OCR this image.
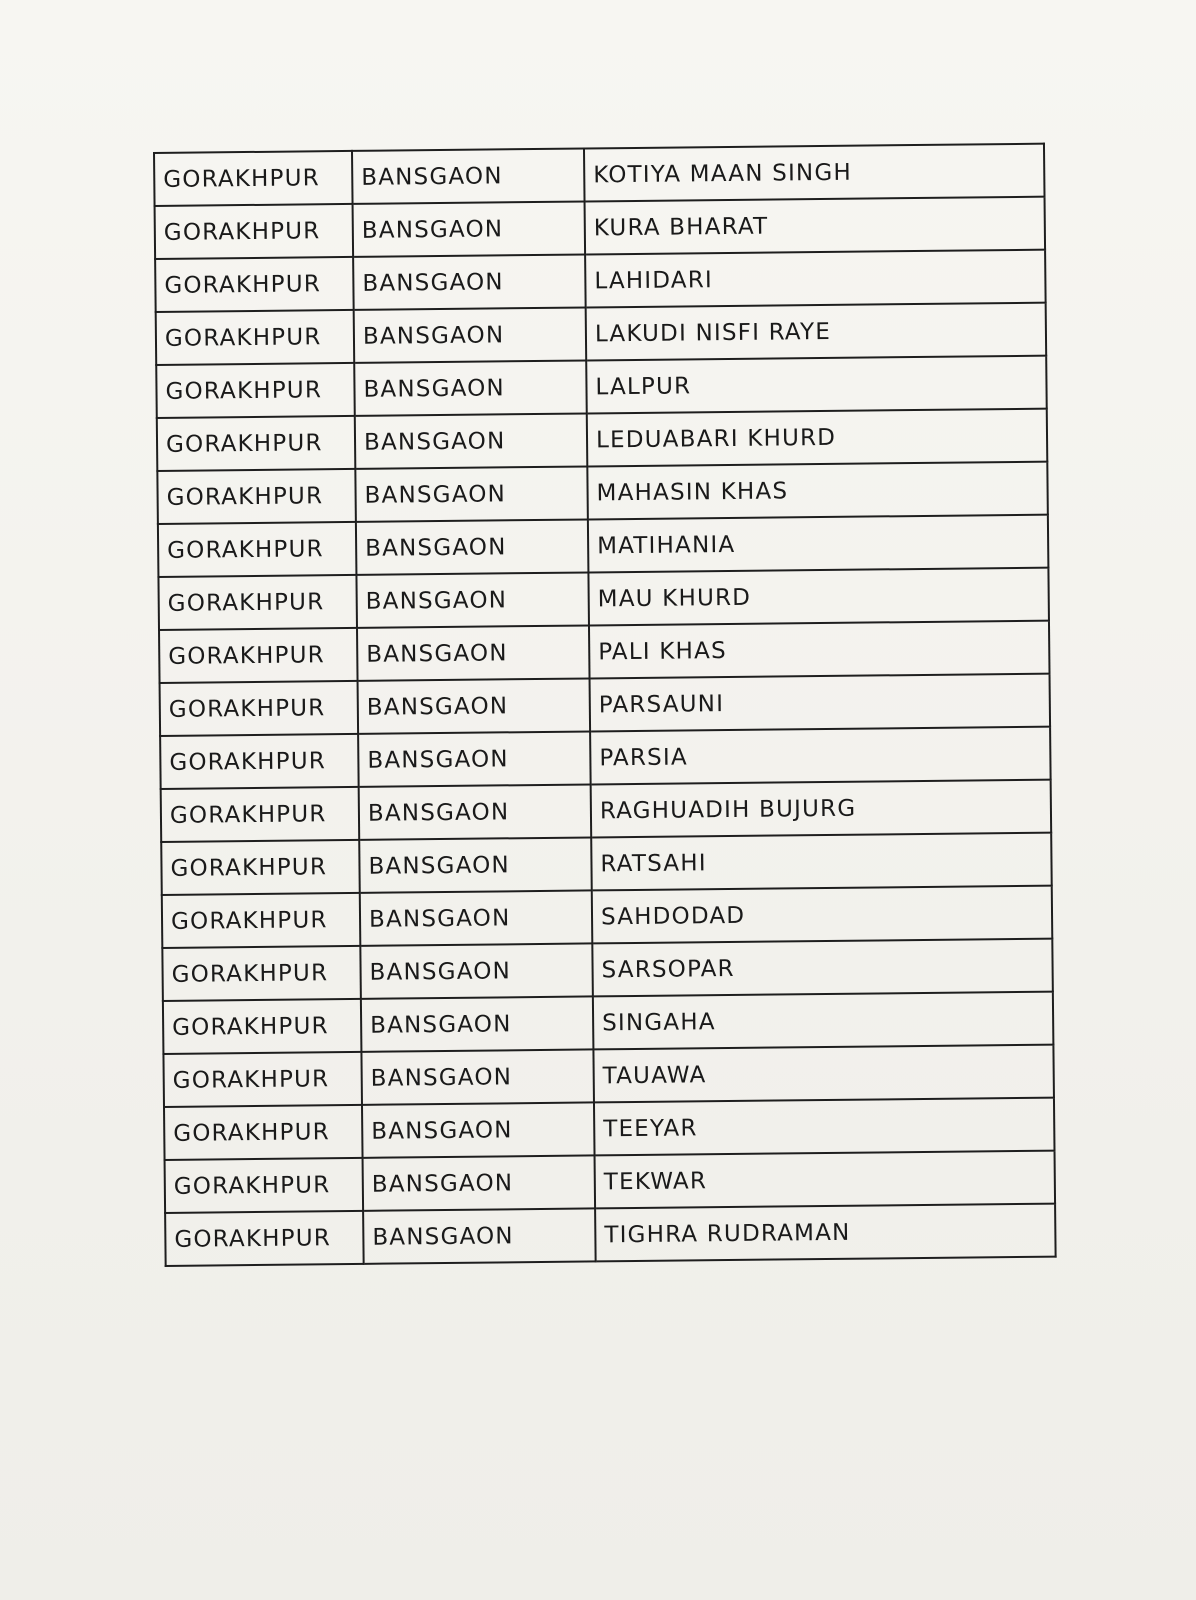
GORAKHPUR	BANSGAON	KOTIYA MAAN SINGH
GORAKHPUR	BANSGAON	KURA BHARAT
GORAKHPUR	BANSGAON	LAHIDARI
GORAKHPUR	BANSGAON	LAKUDI NISFI RAYE
GORAKHPUR	BANSGAON	LALPUR
GORAKHPUR	BANSGAON	LEDUABARI KHURD
GORAKHPUR	BANSGAON	MAHASIN KHAS
GORAKHPUR	BANSGAON	MATIHANIA
GORAKHPUR	BANSGAON	MAU KHURD
GORAKHPUR	BANSGAON	PALI KHAS
GORAKHPUR	BANSGAON	PARSAUNI
GORAKHPUR	BANSGAON	PARSIA
GORAKHPUR	BANSGAON	RAGHUADIH BUJURG
GORAKHPUR	BANSGAON	RATSAHI
GORAKHPUR	BANSGAON	SAHDODAD
GORAKHPUR	BANSGAON	SARSOPAR
GORAKHPUR	BANSGAON	SINGAHA
GORAKHPUR	BANSGAON	TAUAWA
GORAKHPUR	BANSGAON	TEEYAR
GORAKHPUR	BANSGAON	TEKWAR
GORAKHPUR	BANSGAON	TIGHRA RUDRAMAN
